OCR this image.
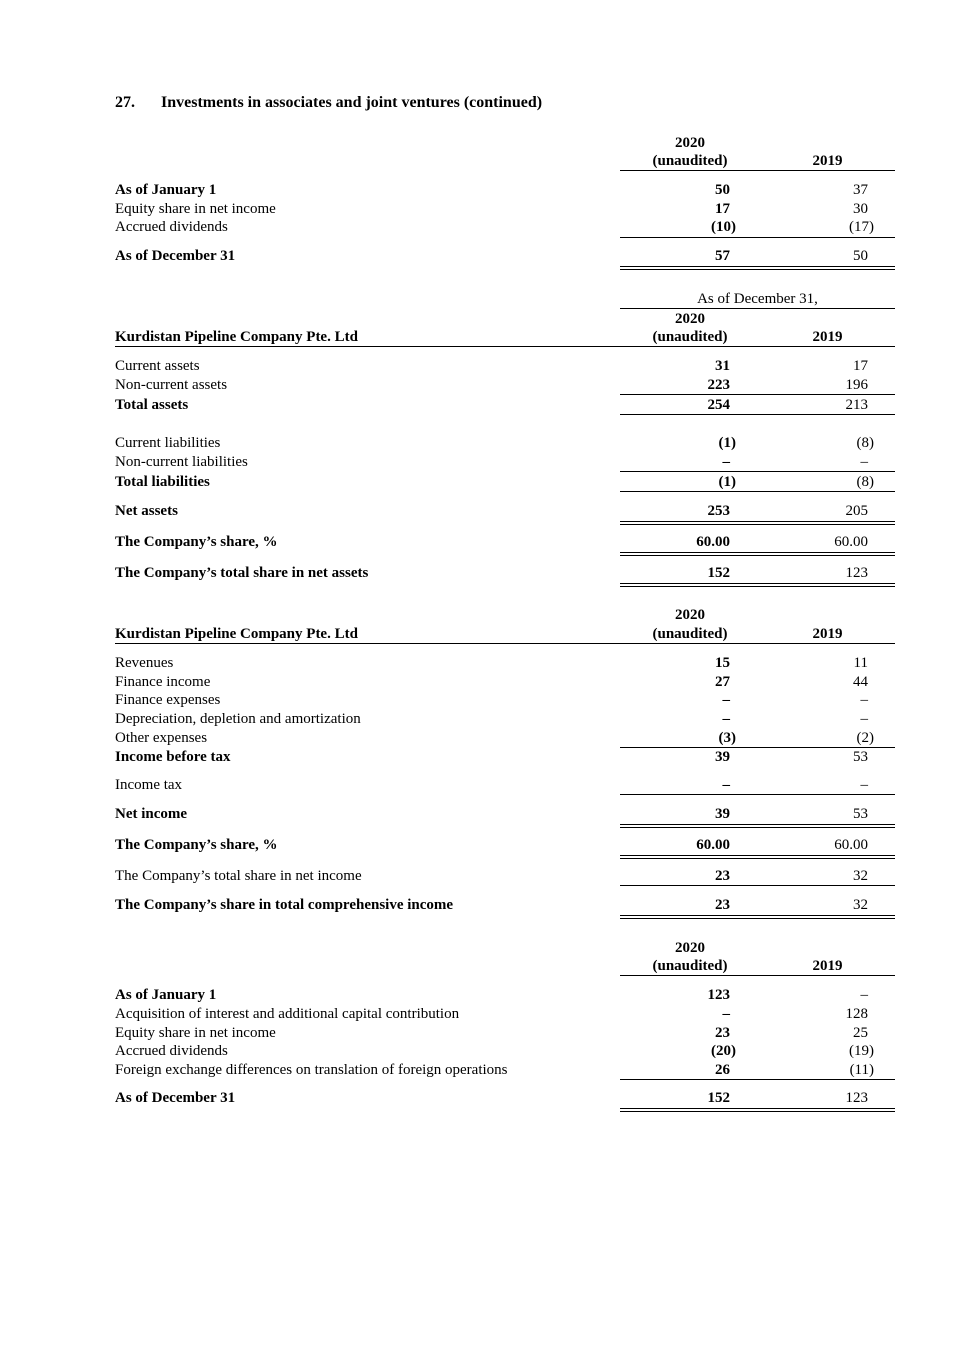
27. Investments in associates and joint ventures (continued)
2020
(unaudited)	2019
As of January 1	50	37
Equity share in net income	17	30
Accrued dividends	(10)	(17)
As of December 31	57	50
As of December 31,
2020
(unaudited)	2019
Kurdistan Pipeline Company Pte. Ltd
Current assets	31	17
Non-current assets	223	196
Total assets	254	213
Current liabilities	(1)	(8)
Non-current liabilities	–	–
Total liabilities	(1)	(8)
Net assets	253	205
The Company’s share, %	60.00	60.00
The Company’s total share in net assets	152	123
2020
(unaudited)	2019
Kurdistan Pipeline Company Pte. Ltd
Revenues	15	11
Finance income	27	44
Finance expenses	–	–
Depreciation, depletion and amortization	–	–
Other expenses	(3)	(2)
Income before tax	39	53
Income tax	–	–
Net income	39	53
The Company’s share, %	60.00	60.00
The Company’s total share in net income	23	32
The Company’s share in total comprehensive income	23	32
2020
(unaudited)	2019
As of January 1	123	–
Acquisition of interest and additional capital contribution	–	128
Equity share in net income	23	25
Accrued dividends	(20)	(19)
Foreign exchange differences on translation of foreign operations	26	(11)
As of December 31	152	123
